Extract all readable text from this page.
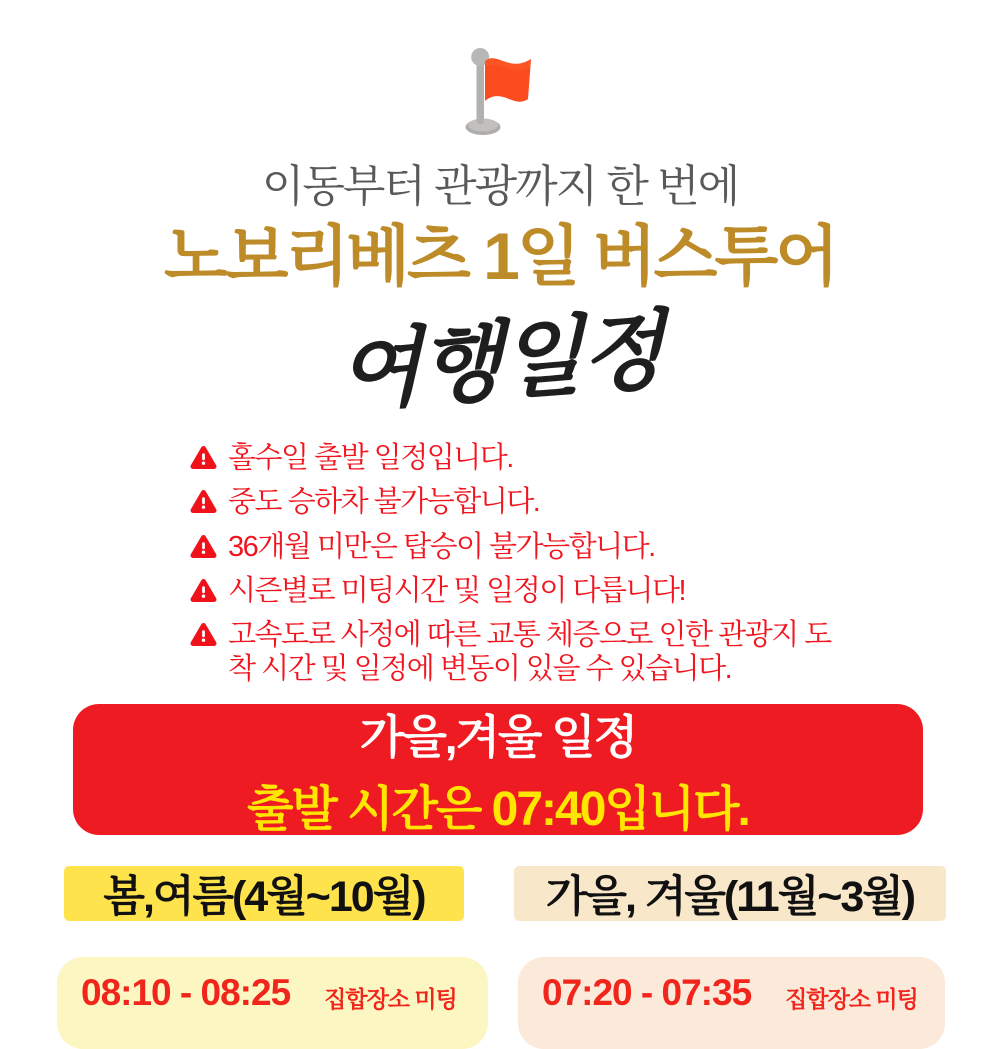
이동부터 관광까지 한 번에
노보리베츠 1일 버스투어
여행일정
홀수일 출발 일정입니다.
중도 승하차 불가능합니다.
36개월 미만은 탑승이 불가능합니다.
시즌별로 미팅시간 및 일정이 다릅니다!
고속도로 사정에 따른 교통 체증으로 인한 관광지 도착 시간 및 일정에 변동이 있을 수 있습니다.
가을,겨울 일정
출발 시간은 07:40입니다.
봄,여름(4월~10월)	가을, 겨울(11월~3월)
08:10 - 08:25 집합장소 미팅 07:20 - 07:35 집합장소 미팅
